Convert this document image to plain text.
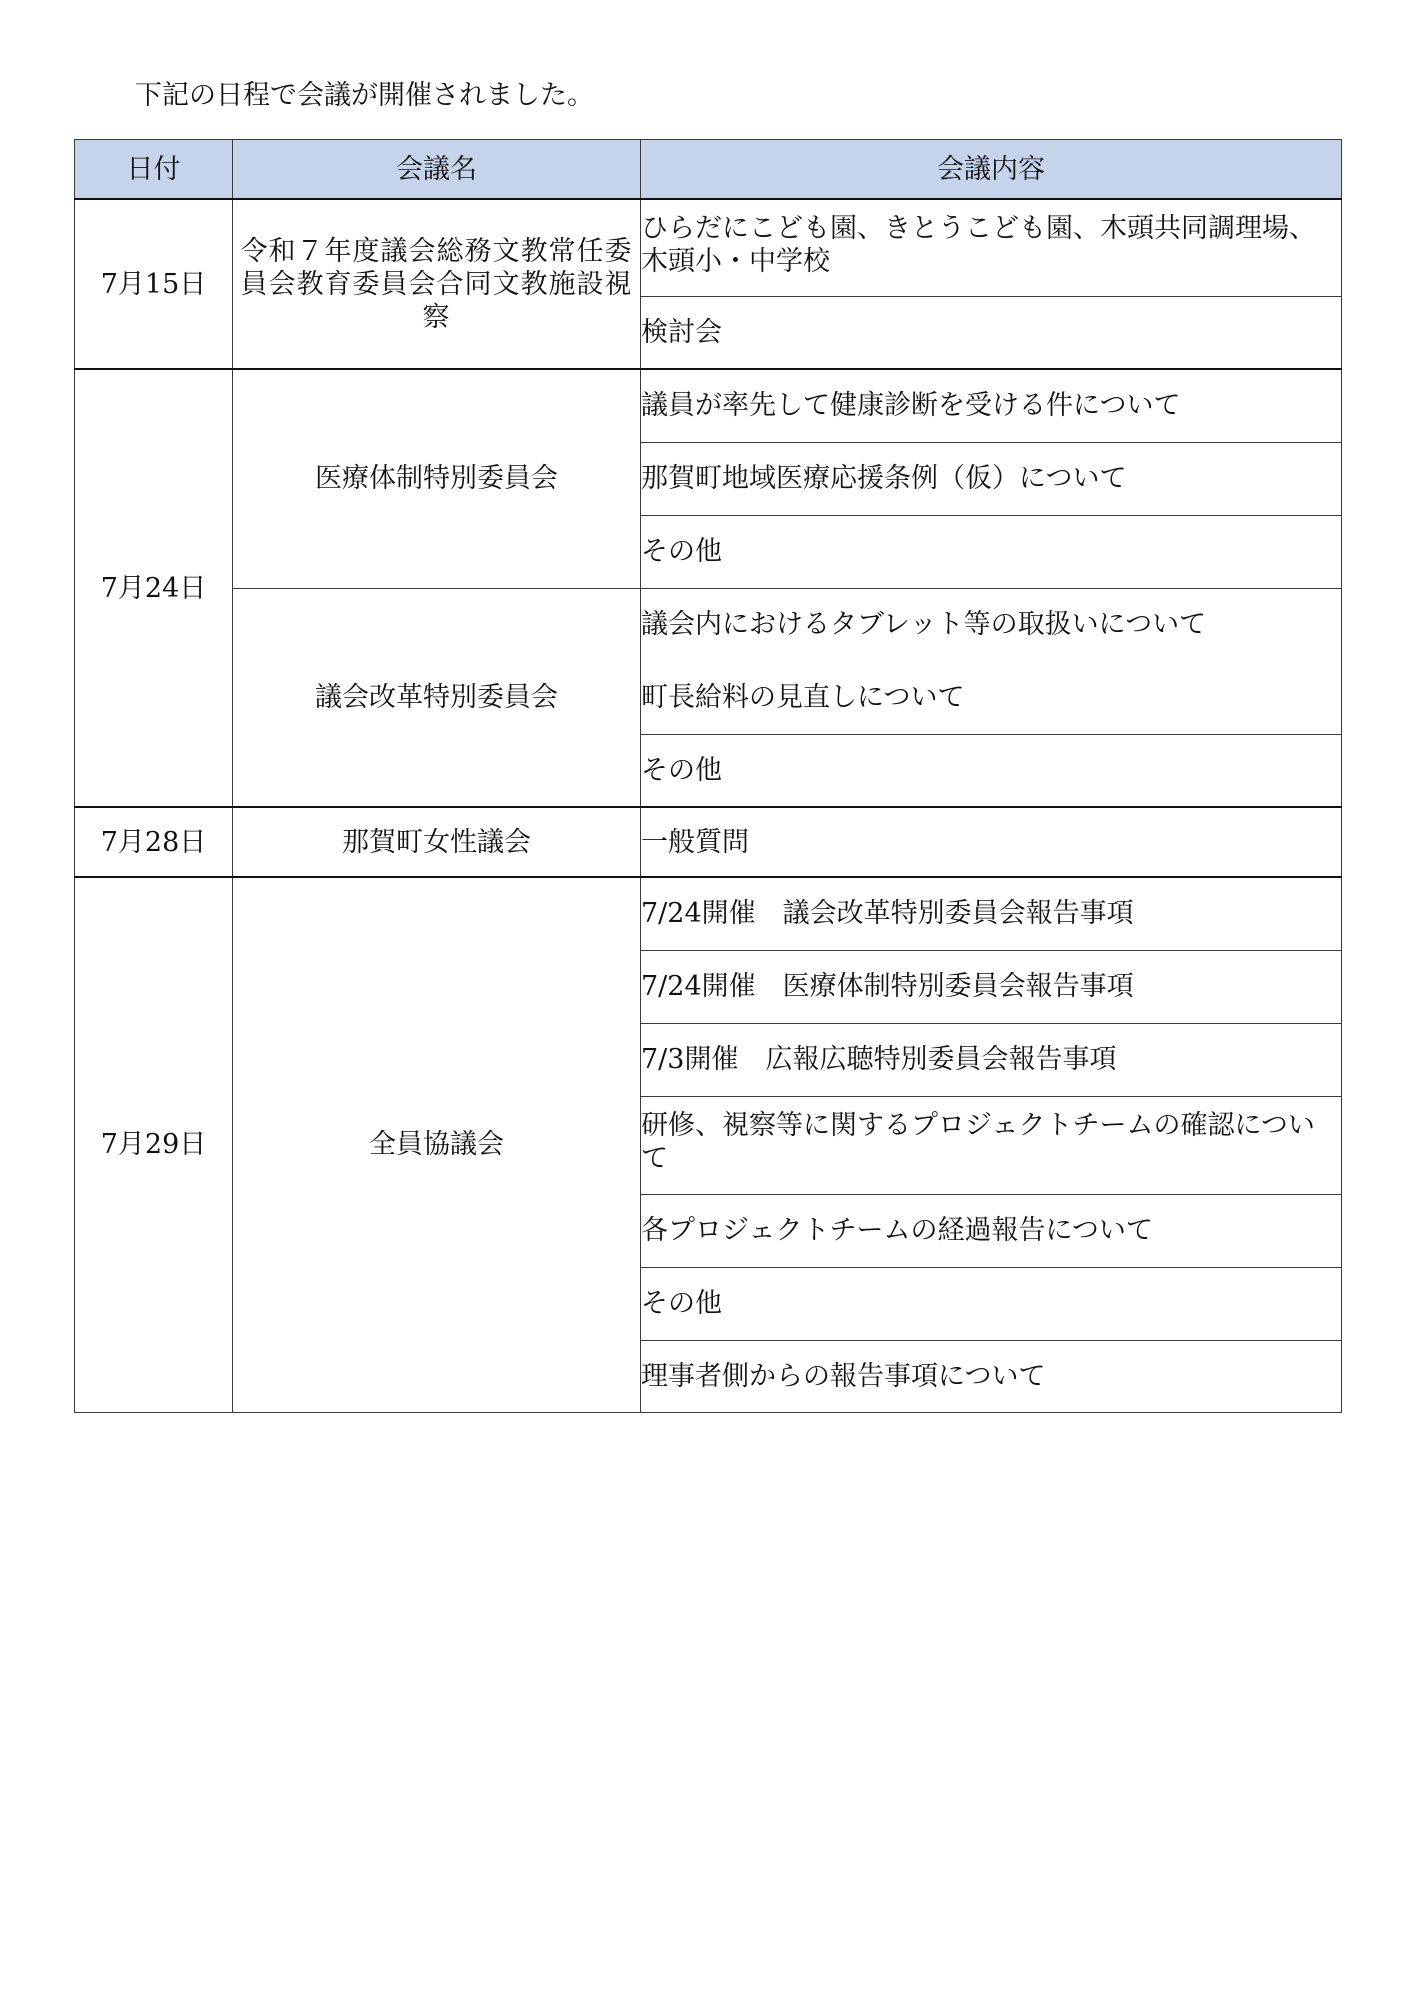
下記の日程で会議が開催されました。
日付	会議名	会議内容
7月15日	令和７年度議会総務文教常任委員会教育委員会合同文教施設視察	ひらだにこども園、きとうこども園、木頭共同調理場、木頭小・中学校
		検討会
7月24日	医療体制特別委員会	議員が率先して健康診断を受ける件について
		那賀町地域医療応援条例（仮）について
		その他
	議会改革特別委員会	議会内におけるタブレット等の取扱いについて
		町長給料の見直しについて
		その他
7月28日	那賀町女性議会	一般質問
7月29日	全員協議会	7/24開催　議会改革特別委員会報告事項
		7/24開催　医療体制特別委員会報告事項
		7/3開催　広報広聴特別委員会報告事項
		研修、視察等に関するプロジェクトチームの確認について
		各プロジェクトチームの経過報告について
		その他
		理事者側からの報告事項について
